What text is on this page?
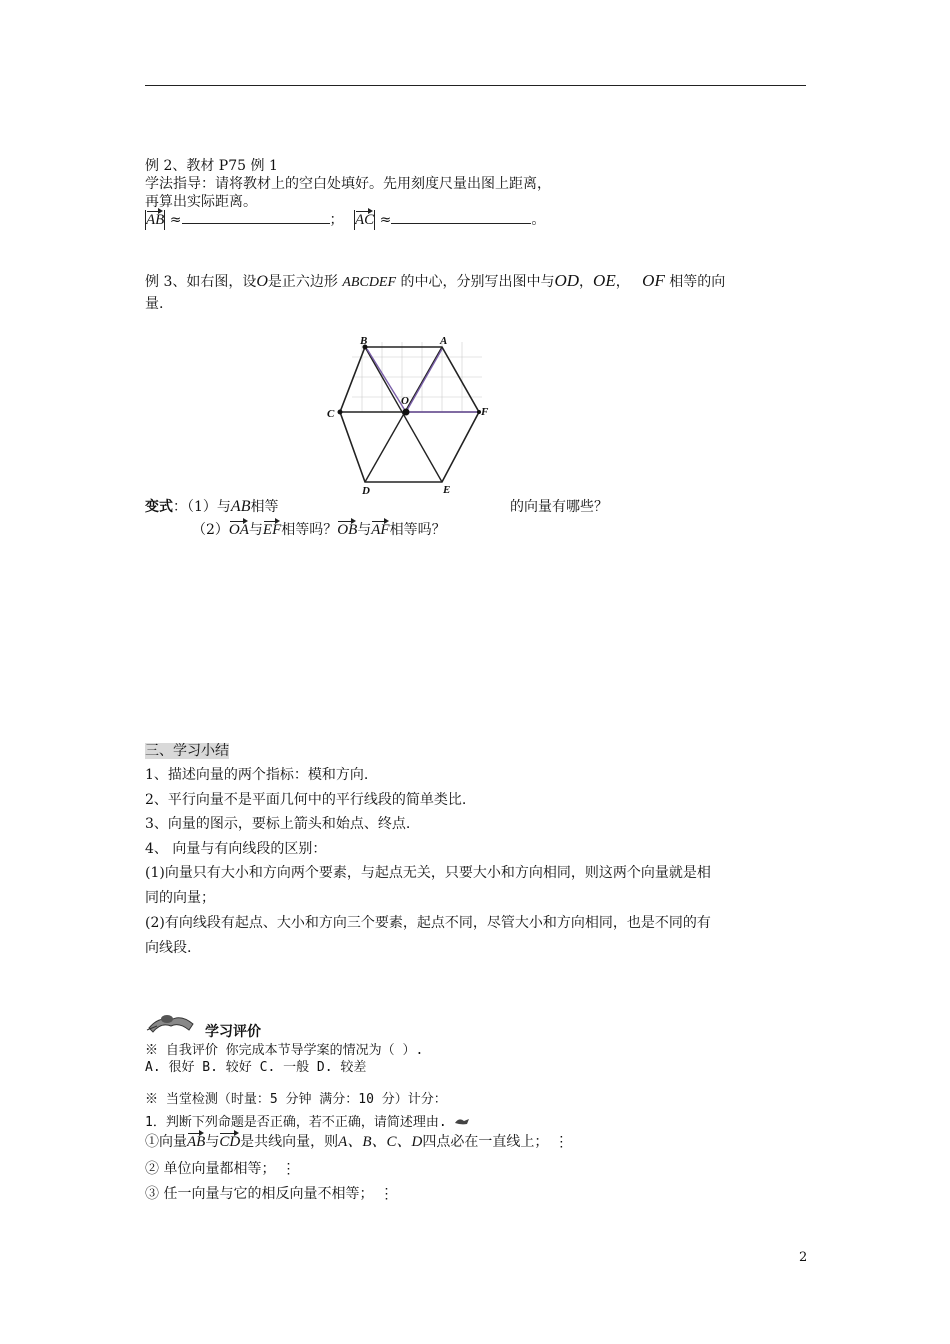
例 2、教材 P75 例 1
学法指导：请将教材上的空白处填好。先用刻度尺量出图上距离，
再算出实际距离。
AB ≈	； AC ≈	。
例 3、如右图，设O是正六边形 ABCDEF 的中心，分别写出图中与OD，OE， OF 相等的向
量.
B	A
C
O
F
D	E
变式：（1）与AB相等	的向量有哪些？
（2）OA与EF相等吗？OB与AF相等吗？
三、学习小结
1、描述向量的两个指标：模和方向.
2、平行向量不是平面几何中的平行线段的简单类比.
3、向量的图示，要标上箭头和始点、终点.
4、 向量与有向线段的区别：
(1)向量只有大小和方向两个要素，与起点无关，只要大小和方向相同，则这两个向量就是相
同的向量；
(2)有向线段有起点、大小和方向三个要素，起点不同，尽管大小和方向相同，也是不同的有
向线段.
学习评价
※ 自我评价 你完成本节导学案的情况为（ ）.
A. 很好 B. 较好 C. 一般 D. 较差
※ 当堂检测（时量：5 分钟 满分：10 分）计分：
1．判断下列命题是否正确，若不正确，请简述理由.
①向量AB与CD是共线向量，则A、B、C、D四点必在一直线上； ⋮
② 单位向量都相等； ⋮
③ 任一向量与它的相反向量不相等； ⋮
2
